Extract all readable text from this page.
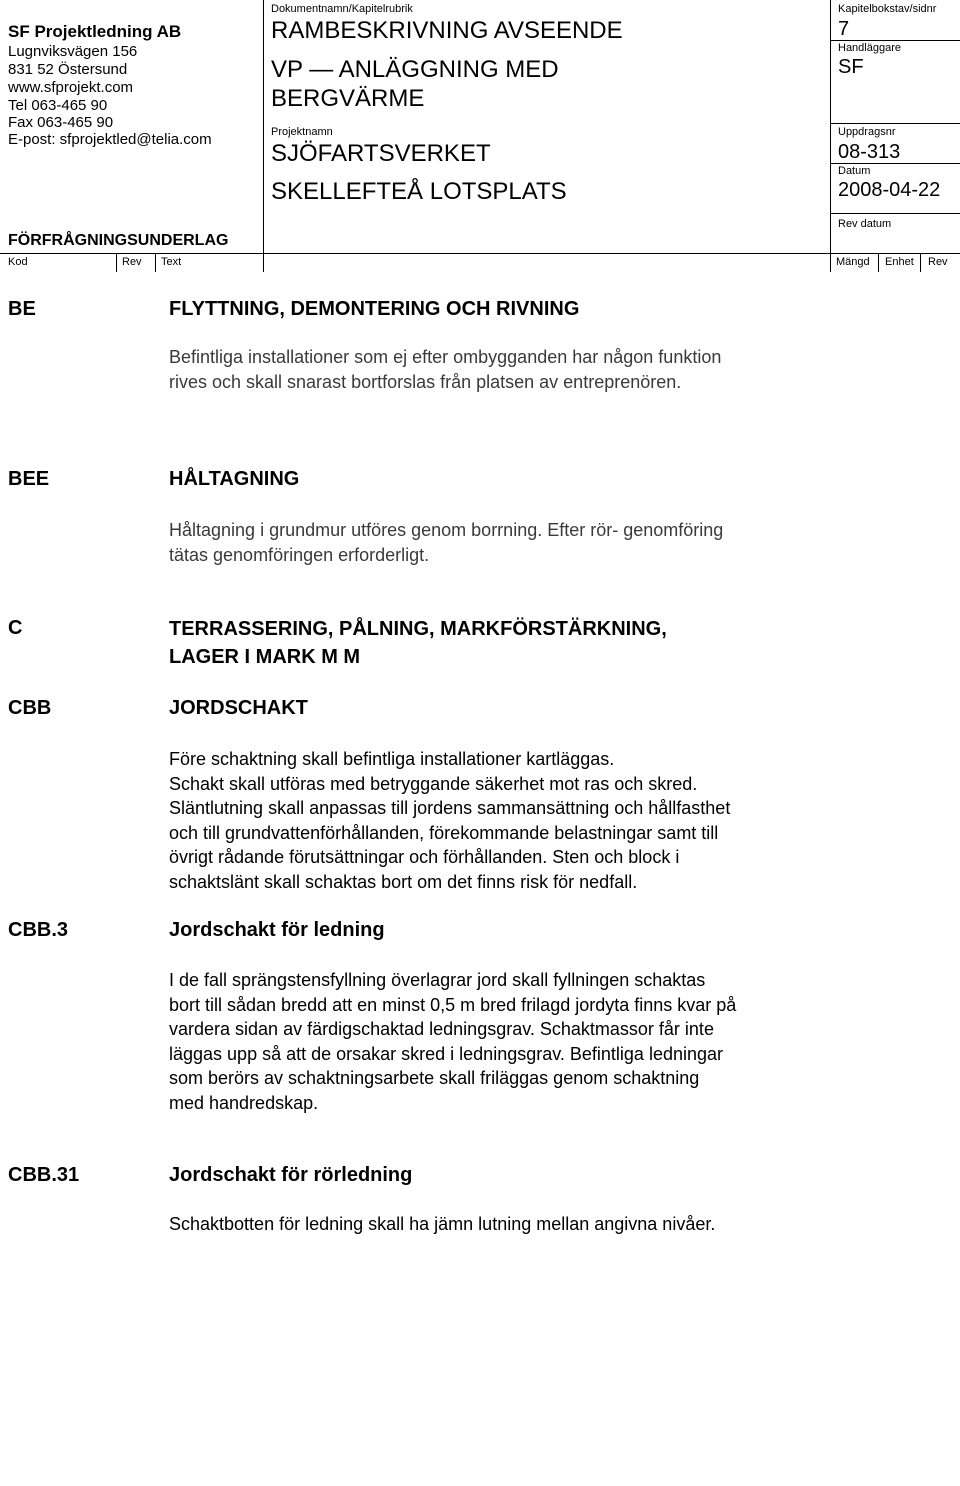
SF Projektledning AB
Lugnviksvägen 156
831 52 Östersund
www.sfprojekt.com
Tel 063-465 90
Fax 063-465 90
E-post: sfprojektled@telia.com
Dokumentnamn/Kapitelrubrik
RAMBESKRIVNING AVSEENDE
VP — ANLÄGGNING MED
BERGVÄRME
Projektnamn
SJÖFARTSVERKET
SKELLEFTEÅ LOTSPLATS
Kapitelbokstav/sidnr
7
Handläggare
SF
Uppdragsnr
08-313
Datum
2008-04-22
Rev datum
FÖRFRÅGNINGSUNDERLAG
Kod	Rev Text	Mängd Enhet Rev
BE	FLYTTNING, DEMONTERING OCH RIVNING
Befintliga installationer som ej efter ombygganden har någon funktion
rives och skall snarast bortforslas från platsen av entreprenören.
BEE	HÅLTAGNING
Håltagning i grundmur utföres genom borrning. Efter rör- genomföring
tätas genomföringen erforderligt.
C	TERRASSERING, PÅLNING, MARKFÖRSTÄRKNING,
LAGER I MARK M M
CBB	JORDSCHAKT
Före schaktning skall befintliga installationer kartläggas.
Schakt skall utföras med betryggande säkerhet mot ras och skred.
Släntlutning skall anpassas till jordens sammansättning och hållfasthet
och till grundvattenförhållanden, förekommande belastningar samt till
övrigt rådande förutsättningar och förhållanden. Sten och block i
schaktslänt skall schaktas bort om det finns risk för nedfall.
CBB.3	Jordschakt för ledning
I de fall sprängstensfyllning överlagrar jord skall fyllningen schaktas
bort till sådan bredd att en minst 0,5 m bred frilagd jordyta finns kvar på
vardera sidan av färdigschaktad ledningsgrav. Schaktmassor får inte
läggas upp så att de orsakar skred i ledningsgrav. Befintliga ledningar
som berörs av schaktningsarbete skall friläggas genom schaktning
med handredskap.
CBB.31	Jordschakt för rörledning
Schaktbotten för ledning skall ha jämn lutning mellan angivna nivåer.
